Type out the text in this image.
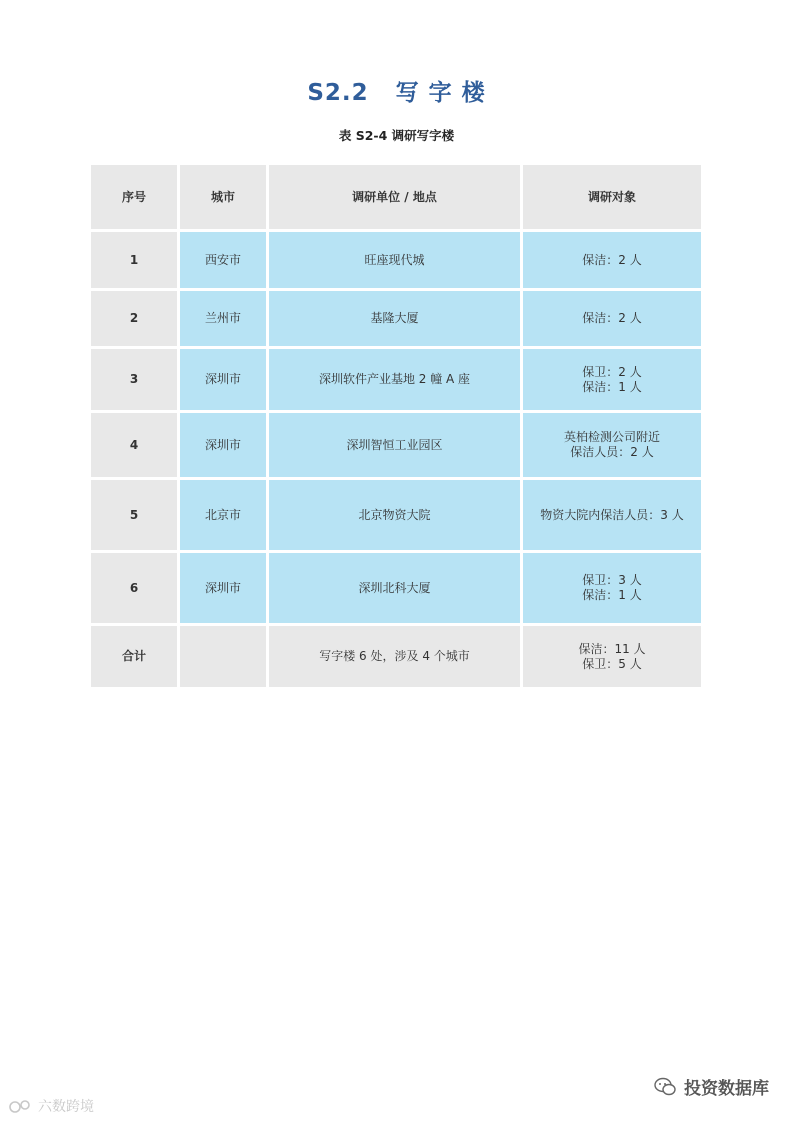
S2.2 写 字 楼
表 S2-4 调研写字楼
序号	城市	调研单位 / 地点	调研对象
1	西安市	旺座现代城	保洁：2 人
2	兰州市	基隆大厦	保洁：2 人
3	深圳市	深圳软件产业基地 2 幢 A 座	保卫：2 人
保洁：1 人
4	深圳市	深圳智恒工业园区	英柏检测公司附近
保洁人员：2 人
5	北京市	北京物资大院	物资大院内保洁人员：3 人
6	深圳市	深圳北科大厦	保卫：3 人
保洁：1 人
合计		写字楼 6 处，涉及 4 个城市	保洁：11 人
保卫：5 人
六数跨境
投资数据库
